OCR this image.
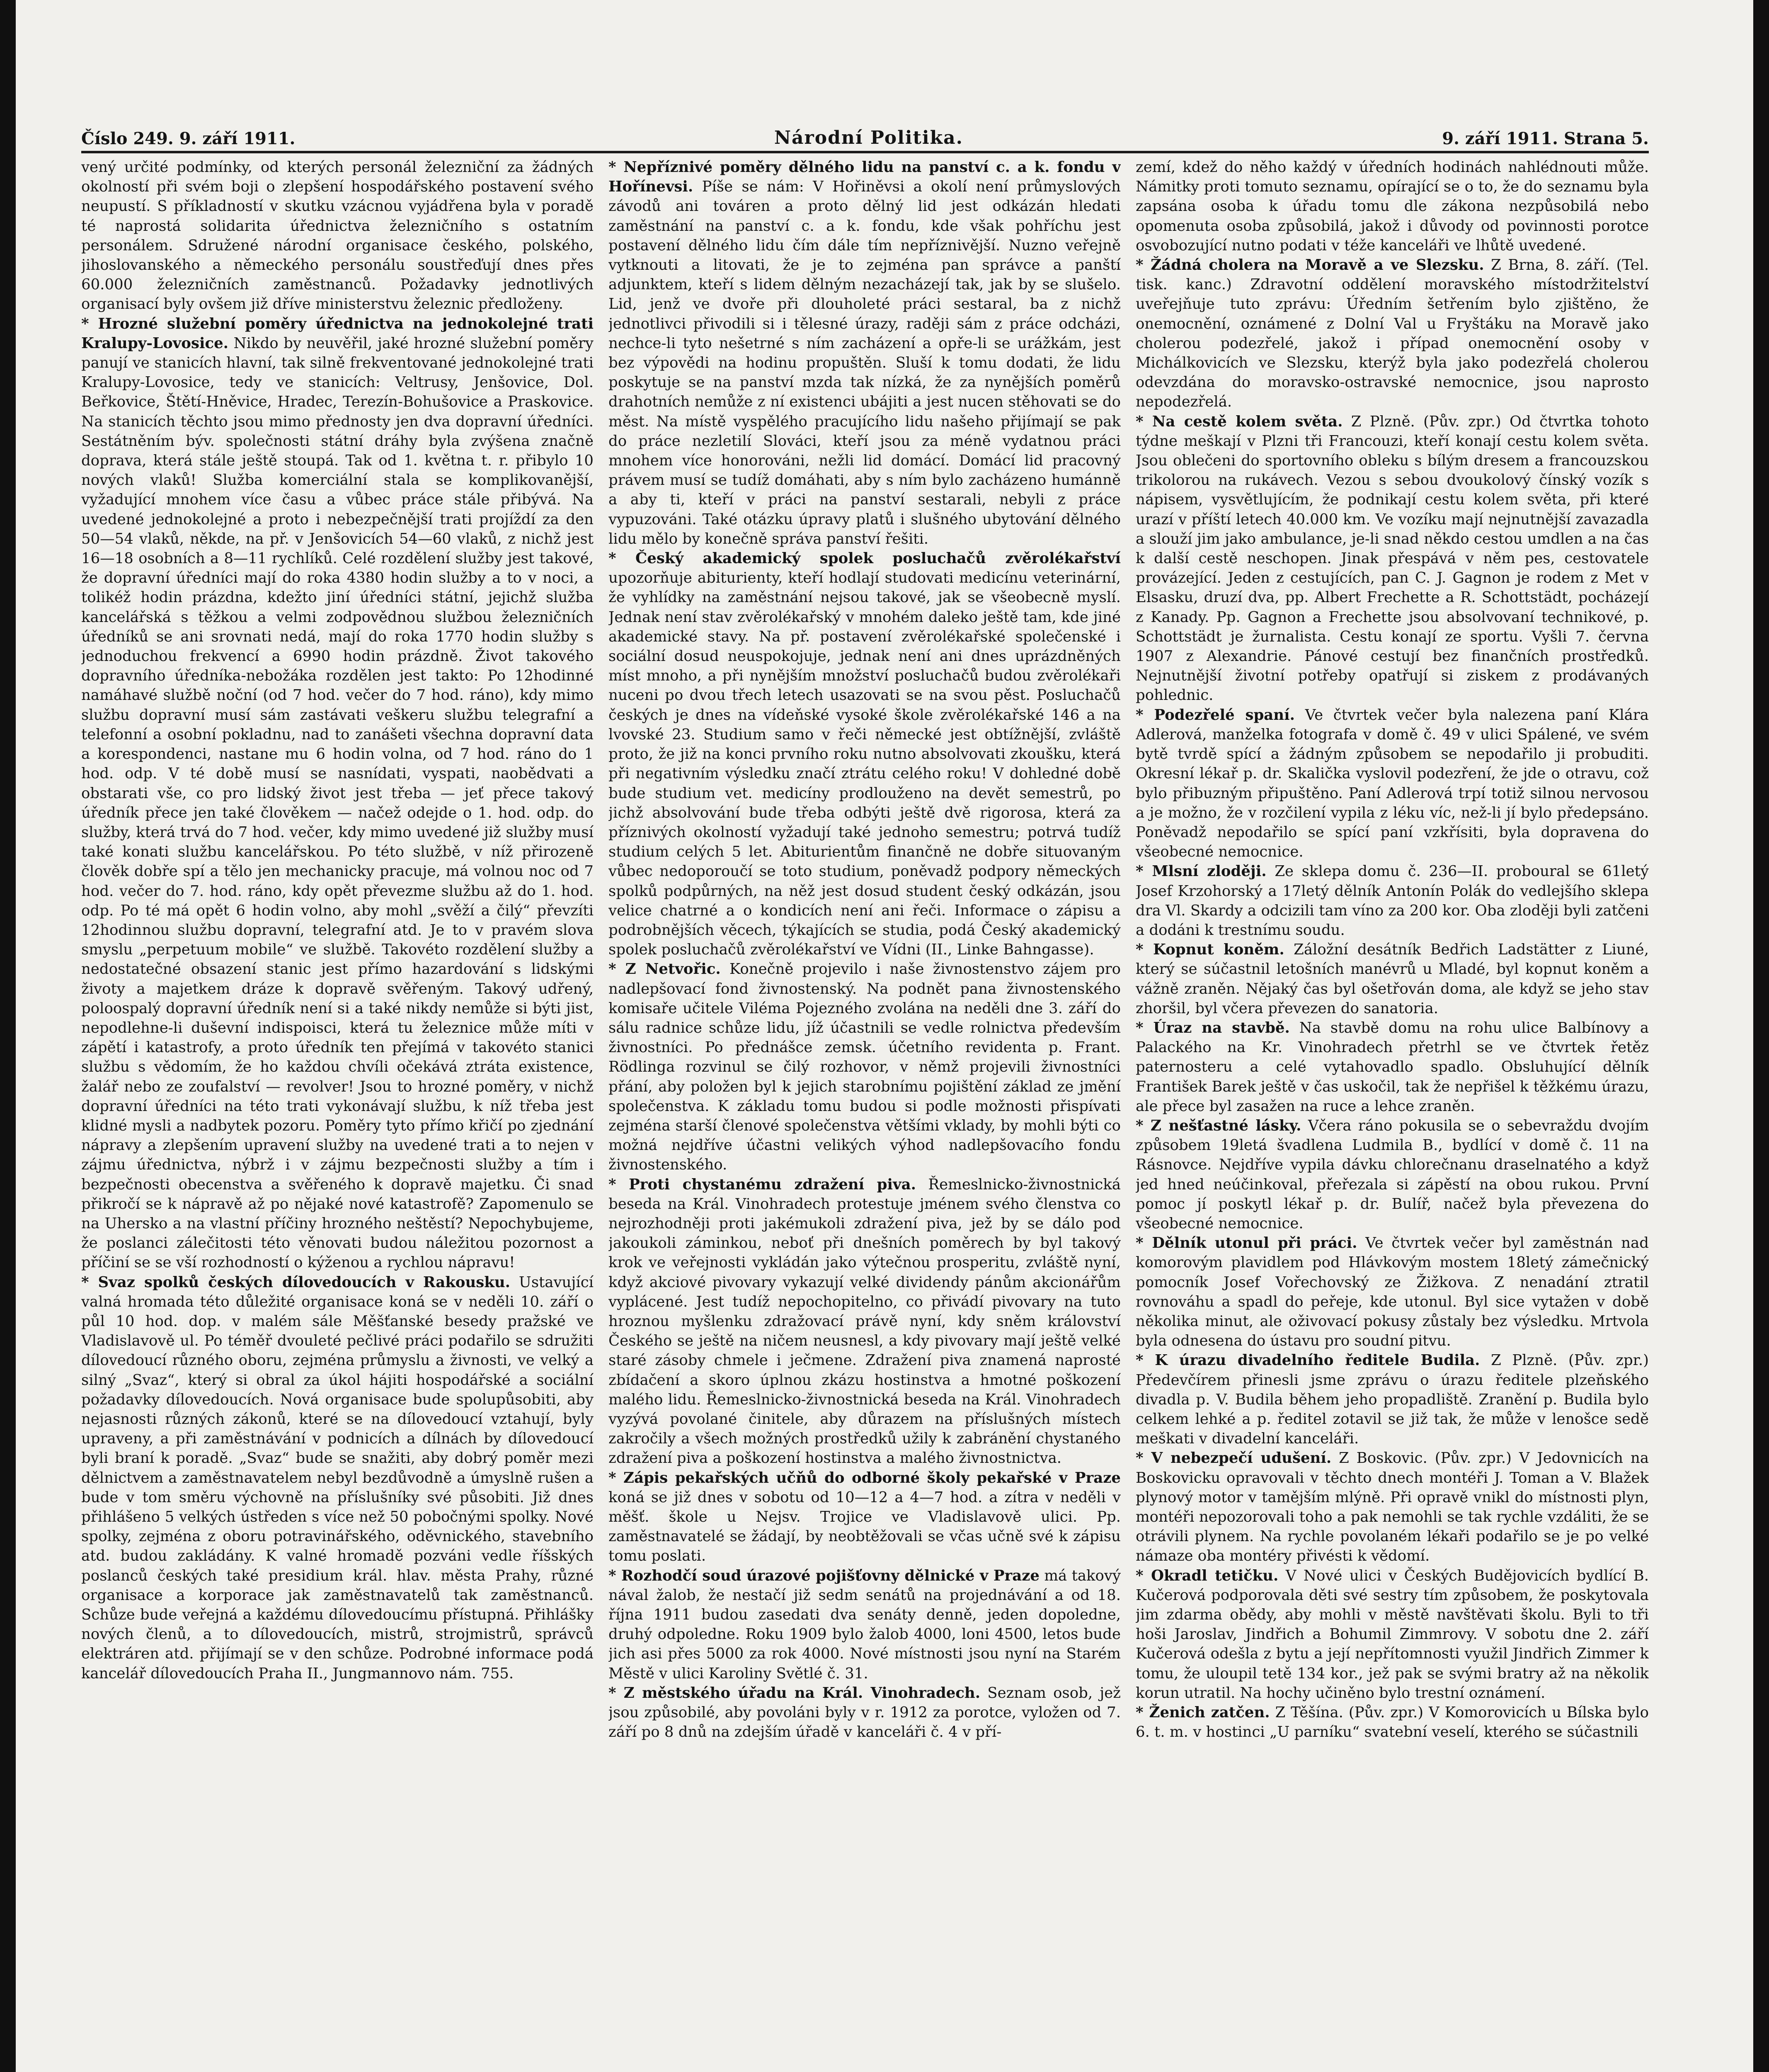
Číslo 249. 9. září 1911.	Národní Politika.	9. září 1911. Strana 5.

vený určité podmínky, od kterých personál železniční za žádných okolností při svém boji o zlepšení hospodářského postavení svého neupustí. S příkladností v skutku vzácnou vyjádřena byla v poradě té naprostá solidarita úřednictva železničního s ostatním personálem. Sdružené národní organisace českého, polského, jihoslovanského a německého personálu soustřeďují dnes přes 60.000 železničních zaměstnanců. Požadavky jednotlivých organisací byly ovšem již dříve ministerstvu železnic předloženy.

* Hrozné služební poměry úřednictva na jednokolejné trati Kralupy-Lovosice. Nikdo by neuvěřil, jaké hrozné služební poměry panují ve stanicích hlavní, tak silně frekventované jednokolejné trati Kralupy-Lovosice, tedy ve stanicích: Veltrusy, Jenšovice, Dol. Beřkovice, Štětí-Hněvice, Hradec, Terezín-Bohušovice a Praskovice. Na stanicích těchto jsou mimo přednosty jen dva dopravní úředníci. Sestátněním býv. společnosti státní dráhy byla zvýšena značně doprava, která stále ještě stoupá. Tak od 1. května t. r. přibylo 10 nových vlaků! Služba komerciální stala se komplikovanější, vyžadující mnohem více času a vůbec práce stále přibývá. Na uvedené jednokolejné a proto i nebezpečnější trati projíždí za den 50—54 vlaků, někde, na př. v Jenšovicích 54—60 vlaků, z nichž jest 16—18 osobních a 8—11 rychlíků. Celé rozdělení služby jest takové, že dopravní úředníci mají do roka 4380 hodin služby a to v noci, a tolikéž hodin prázdna, kdežto jiní úředníci státní, jejichž služba kancelářská s těžkou a velmi zodpovědnou službou železničních úředníků se ani srovnati nedá, mají do roka 1770 hodin služby s jednoduchou frekvencí a 6990 hodin prázdně. Život takového dopravního úředníka-nebožáka rozdělen jest takto: Po 12hodinné namáhavé službě noční (od 7 hod. večer do 7 hod. ráno), kdy mimo službu dopravní musí sám zastávati veškeru službu telegrafní a telefonní a osobní pokladnu, nad to zanášeti všechna dopravní data a korespondenci, nastane mu 6 hodin volna, od 7 hod. ráno do 1 hod. odp. V té době musí se nasnídati, vyspati, naobědvati a obstarati vše, co pro lidský život jest třeba — jeť přece takový úředník přece jen také člověkem — načež odejde o 1. hod. odp. do služby, která trvá do 7 hod. večer, kdy mimo uvedené již služby musí také konati službu kancelářskou. Po této službě, v níž přirozeně člověk dobře spí a tělo jen mechanicky pracuje, má volnou noc od 7 hod. večer do 7. hod. ráno, kdy opět převezme službu až do 1. hod. odp. Po té má opět 6 hodin volno, aby mohl „svěží a čilý“ převzíti 12hodinnou službu dopravní, telegrafní atd. Je to v pravém slova smyslu „perpetuum mobile“ ve službě. Takovéto rozdělení služby a nedostatečné obsazení stanic jest přímo hazardování s lidskými životy a majetkem dráze k dopravě svěřeným. Takový udřený, poloospalý dopravní úředník není si a také nikdy nemůže si býti jist, nepodlehne-li duševní indispoisci, která tu železnice může míti v zápětí i katastrofy, a proto úředník ten přejímá v takovéto stanici službu s vědomím, že ho každou chvíli očekává ztráta existence, žalář nebo ze zoufalství — revolver! Jsou to hrozné poměry, v nichž dopravní úředníci na této trati vykonávají službu, k níž třeba jest klidné mysli a nadbytek pozoru. Poměry tyto přímo křičí po zjednání nápravy a zlepšením upravení služby na uvedené trati a to nejen v zájmu úřednictva, nýbrž i v zájmu bezpečnosti služby a tím i bezpečnosti obecenstva a svěřeného k dopravě majetku. Či snad přikročí se k nápravě až po nějaké nové katastrofě? Zapomenulo se na Uhersko a na vlastní příčiny hrozného neštěstí? Nepochybujeme, že poslanci zálečitosti této věnovati budou náležitou pozornost a příčiní se se vší rozhodností o kýženou a rychlou nápravu!

* Svaz spolků českých dílovedoucích v Rakousku. Ustavující valná hromada této důležité organisace koná se v neděli 10. září o půl 10 hod. dop. v malém sále Měšťanské besedy pražské ve Vladislavově ul. Po téměř dvouleté pečlivé práci podařilo se sdružiti dílovedoucí různého oboru, zejména průmyslu a živnosti, ve velký a silný „Svaz“, který si obral za úkol hájiti hospodářské a sociální požadavky dílovedoucích. Nová organisace bude spolupůsobiti, aby nejasnosti různých zákonů, které se na dílovedoucí vztahují, byly upraveny, a při zaměstnávání v podnicích a dílnách by dílovedoucí byli braní k poradě. „Svaz“ bude se snažiti, aby dobrý poměr mezi dělnictvem a zaměstnavatelem nebyl bezdůvodně a úmyslně rušen a bude v tom směru výchovně na příslušníky své působiti. Již dnes přihlášeno 5 velkých ústředen s více než 50 pobočnými spolky. Nové spolky, zejména z oboru potravinářského, oděvnického, stavebního atd. budou zakládány. K valné hromadě pozváni vedle říšských poslanců českých také presidium král. hlav. města Prahy, různé organisace a korporace jak zaměstnavatelů tak zaměstnanců. Schůze bude veřejná a každému dílovedoucímu přístupná. Přihlášky nových členů, a to dílovedoucích, mistrů, strojmistrů, správců elektráren atd. přijímají se v den schůze. Podrobné informace podá kancelář dílovedoucích Praha II., Jungmannovo nám. 755.

* Nepříznivé poměry dělného lidu na panství c. a k. fondu v Hořínevsi. Píše se nám: V Hořiněvsi a okolí není průmyslových závodů ani továren a proto dělný lid jest odkázán hledati zaměstnání na panství c. a k. fondu, kde však pohříchu jest postavení dělného lidu čím dále tím nepříznivější. Nuzno veřejně vytknouti a litovati, že je to zejména pan správce a panští adjunktem, kteří s lidem dělným nezacházejí tak, jak by se slušelo. Lid, jenž ve dvoře při dlouholeté práci sestaral, ba z nichž jednotlivci přivodili si i tělesné úrazy, raději sám z práce odcházi, nechce-li tyto nešetrné s ním zacházení a opře-li se urážkám, jest bez výpovědi na hodinu propuštěn. Sluší k tomu dodati, že lidu poskytuje se na panství mzda tak nízká, že za nynějších poměrů drahotních nemůže z ní existenci ubájiti a jest nucen stěhovati se do měst. Na místě vyspělého pracujícího lidu našeho přijímají se pak do práce nezletilí Slováci, kteří jsou za méně vydatnou práci mnohem více honorováni, nežli lid domácí. Domácí lid pracovný právem musí se tudíž domáhati, aby s ním bylo zacházeno humánně a aby ti, kteří v práci na panství sestarali, nebyli z práce vypuzováni. Také otázku úpravy platů i slušného ubytování dělného lidu mělo by konečně správa panství řešiti.

* Český akademický spolek posluchačů zvěrolékařství upozorňuje abiturienty, kteří hodlají studovati medicínu veterinární, že vyhlídky na zaměstnání nejsou takové, jak se všeobecně myslí. Jednak není stav zvěrolékařský v mnohém daleko ještě tam, kde jiné akademické stavy. Na př. postavení zvěrolékařské společenské i sociální dosud neuspokojuje, jednak není ani dnes uprázdněných míst mnoho, a při nynějším množství posluchačů budou zvěrolékaři nuceni po dvou třech letech usazovati se na svou pěst. Posluchačů českých je dnes na vídeňské vysoké škole zvěrolékařské 146 a na lvovské 23. Studium samo v řeči německé jest obtížnější, zvláště proto, že již na konci prvního roku nutno absolvovati zkoušku, která při negativním výsledku značí ztrátu celého roku! V dohledné době bude studium vet. medicíny prodlouženo na devět semestrů, po jichž absolvování bude třeba odbýti ještě dvě rigorosa, která za příznivých okolností vyžadují také jednoho semestru; potrvá tudíž studium celých 5 let. Abiturientům finančně ne dobře situovaným vůbec nedoporoučí se toto studium, poněvadž podpory německých spolků podpůrných, na něž jest dosud student český odkázán, jsou velice chatrné a o kondicích není ani řeči. Informace o zápisu a podrobnějších věcech, týkajících se studia, podá Český akademický spolek posluchačů zvěrolékařství ve Vídni (II., Linke Bahngasse).

* Z Netvořic. Konečně projevilo i naše živnostenstvo zájem pro nadlepšovací fond živnostenský. Na podnět pana živnostenského komisaře učitele Viléma Pojezného zvolána na neděli dne 3. září do sálu radnice schůze lidu, jíž účastnili se vedle rolnictva především živnostníci. Po přednášce zemsk. účetního revidenta p. Frant. Rödlinga rozvinul se čilý rozhovor, v němž projevili živnostníci přání, aby položen byl k jejich starobnímu pojištění základ ze jmění společenstva. K základu tomu budou si podle možnosti přispívati zejména starší členové společenstva většími vklady, by mohli býti co možná nejdříve účastni velikých výhod nadlepšovacího fondu živnostenského.

* Proti chystanému zdražení piva. Řemeslnicko-živnostnická beseda na Král. Vinohradech protestuje jménem svého členstva co nejrozhodněji proti jakémukoli zdražení piva, jež by se dálo pod jakoukoli záminkou, neboť při dnešních poměrech by byl takový krok ve veřejnosti vykládán jako výtečnou prosperitu, zvláště nyní, když akciové pivovary vykazují velké dividendy pánům akcionářům vyplácené. Jest tudíž nepochopitelno, co přivádí pivovary na tuto hroznou myšlenku zdražovací právě nyní, kdy sněm království Českého se ještě na ničem neusnesl, a kdy pivovary mají ještě velké staré zásoby chmele i ječmene. Zdražení piva znamená naprosté zbídačení a skoro úplnou zkázu hostinstva a hmotné poškození malého lidu. Řemeslnicko-živnostnická beseda na Král. Vinohradech vyzývá povolané činitele, aby důrazem na příslušných místech zakročily a všech možných prostředků užily k zabránění chystaného zdražení piva a poškození hostinstva a malého živnostnictva.

* Zápis pekařských učňů do odborné školy pekařské v Praze koná se již dnes v sobotu od 10—12 a 4—7 hod. a zítra v neděli v měšť. škole u Nejsv. Trojice ve Vladislavově ulici. Pp. zaměstnavatelé se žádají, by neobtěžovali se včas učně své k zápisu tomu poslati.

* Rozhodčí soud úrazové pojišťovny dělnické v Praze má takový nával žalob, že nestačí již sedm senátů na projednávání a od 18. října 1911 budou zasedati dva senáty denně, jeden dopoledne, druhý odpoledne. Roku 1909 bylo žalob 4000, loni 4500, letos bude jich asi přes 5000 za rok 4000. Nové místnosti jsou nyní na Starém Městě v ulici Karoliny Světlé č. 31.

* Z městského úřadu na Král. Vinohradech. Seznam osob, jež jsou způsobilé, aby povoláni byly v r. 1912 za porotce, vyložen od 7. září po 8 dnů na zdejším úřadě v kanceláři č. 4 v pří-

zemí, kdež do něho každý v úředních hodinách nahlédnouti může. Námitky proti tomuto seznamu, opírající se o to, že do seznamu byla zapsána osoba k úřadu tomu dle zákona nezpůsobilá nebo opomenuta osoba způsobilá, jakož i důvody od povinnosti porotce osvobozující nutno podati v téže kanceláři ve lhůtě uvedené.

* Žádná cholera na Moravě a ve Slezsku. Z Brna, 8. září. (Tel. tisk. kanc.) Zdravotní oddělení moravského místodržitelství uveřejňuje tuto zprávu: Úředním šetřením bylo zjištěno, že onemocnění, oznámené z Dolní Val u Fryštáku na Moravě jako cholerou podezřelé, jakož i případ onemocnění osoby v Michálkovicích ve Slezsku, kterýž byla jako podezřelá cholerou odevzdána do moravsko-ostravské nemocnice, jsou naprosto nepodezřelá.

* Na cestě kolem světa. Z Plzně. (Pův. zpr.) Od čtvrtka tohoto týdne meškají v Plzni tři Francouzi, kteří konají cestu kolem světa. Jsou oblečeni do sportovního obleku s bílým dresem a francouzskou trikolorou na rukávech. Vezou s sebou dvoukolový čínský vozík s nápisem, vysvětlujícím, že podnikají cestu kolem světa, při které urazí v příští letech 40.000 km. Ve vozíku mají nejnutnější zavazadla a slouží jim jako ambulance, je-li snad někdo cestou umdlen a na čas k další cestě neschopen. Jinak přespává v něm pes, cestovatele provázející. Jeden z cestujících, pan C. J. Gagnon je rodem z Met v Elsasku, druzí dva, pp. Albert Frechette a R. Schottstädt, pocházejí z Kanady. Pp. Gagnon a Frechette jsou absolvovaní technikové, p. Schottstädt je žurnalista. Cestu konají ze sportu. Vyšli 7. června 1907 z Alexandrie. Pánové cestují bez finančních prostředků. Nejnutnější životní potřeby opatřují si ziskem z prodávaných pohlednic.

* Podezřelé spaní. Ve čtvrtek večer byla nalezena paní Klára Adlerová, manželka fotografa v domě č. 49 v ulici Spálené, ve svém bytě tvrdě spící a žádným způsobem se nepodařilo ji probuditi. Okresní lékař p. dr. Skalička vyslovil podezření, že jde o otravu, což bylo přibuzným připuštěno. Paní Adlerová trpí totiž silnou nervosou a je možno, že v rozčilení vypila z léku víc, než-li jí bylo předepsáno. Poněvadž nepodařilo se spící paní vzkřísiti, byla dopravena do všeobecné nemocnice.

* Mlsní zloději. Ze sklepa domu č. 236—II. proboural se 61letý Josef Krzohorský a 17letý dělník Antonín Polák do vedlejšího sklepa dra Vl. Skardy a odcizili tam víno za 200 kor. Oba zloději byli zatčeni a dodáni k trestnímu soudu.

* Kopnut koněm. Záložní desátník Bedřich Ladstätter z Liuné, který se súčastnil letošních manévrů u Mladé, byl kopnut koněm a vážně zraněn. Nějaký čas byl ošetřován doma, ale když se jeho stav zhoršil, byl včera převezen do sanatoria.

* Úraz na stavbě. Na stavbě domu na rohu ulice Balbínovy a Palackého na Kr. Vinohradech přetrhl se ve čtvrtek řetěz paternosteru a celé vytahovadlo spadlo. Obsluhující dělník František Barek ještě v čas uskočil, tak že nepřišel k těžkému úrazu, ale přece byl zasažen na ruce a lehce zraněn.

* Z nešťastné lásky. Včera ráno pokusila se o sebevraždu dvojím způsobem 19letá švadlena Ludmila B., bydlící v domě č. 11 na Rásnovce. Nejdříve vypila dávku chlorečnanu draselnatého a když jed hned neúčinkoval, přeřezala si zápěstí na obou rukou. První pomoc jí poskytl lékař p. dr. Bulíř, načež byla převezena do všeobecné nemocnice.

* Dělník utonul při práci. Ve čtvrtek večer byl zaměstnán nad komorovým plavidlem pod Hlávkovým mostem 18letý zámečnický pomocník Josef Vořechovský ze Žižkova. Z nenadání ztratil rovnováhu a spadl do peřeje, kde utonul. Byl sice vytažen v době několika minut, ale oživovací pokusy zůstaly bez výsledku. Mrtvola byla odnesena do ústavu pro soudní pitvu.

* K úrazu divadelního ředitele Budila. Z Plzně. (Pův. zpr.) Předevčírem přinesli jsme zprávu o úrazu ředitele plzeňského divadla p. V. Budila během jeho propadliště. Zranění p. Budila bylo celkem lehké a p. ředitel zotavil se již tak, že může v lenošce sedě meškati v divadelní kanceláři.

* V nebezpečí udušení. Z Boskovic. (Pův. zpr.) V Jedovnicích na Boskovicku opravovali v těchto dnech montéři J. Toman a V. Blažek plynový motor v tamějším mlýně. Při opravě vnikl do místnosti plyn, montéři nepozorovali toho a pak nemohli se tak rychle vzdáliti, že se otrávili plynem. Na rychle povolaném lékaři podařilo se je po velké námaze oba montéry přivésti k vědomí.

* Okradl tetičku. V Nové ulici v Českých Budějovicích bydlící B. Kučerová podporovala děti své sestry tím způsobem, že poskytovala jim zdarma obědy, aby mohli v městě navštěvati školu. Byli to tři hoši Jaroslav, Jindřich a Bohumil Zimmrovy. V sobotu dne 2. září Kučerová odešla z bytu a její nepřítomnosti využil Jindřich Zimmer k tomu, že uloupil tetě 134 kor., jež pak se svými bratry až na několik korun utratil. Na hochy učiněno bylo trestní oznámení.

* Ženich zatčen. Z Těšína. (Pův. zpr.) V Komorovicích u Bílska bylo 6. t. m. v hostinci „U parníku“ svatební veselí, kterého se súčastnili
